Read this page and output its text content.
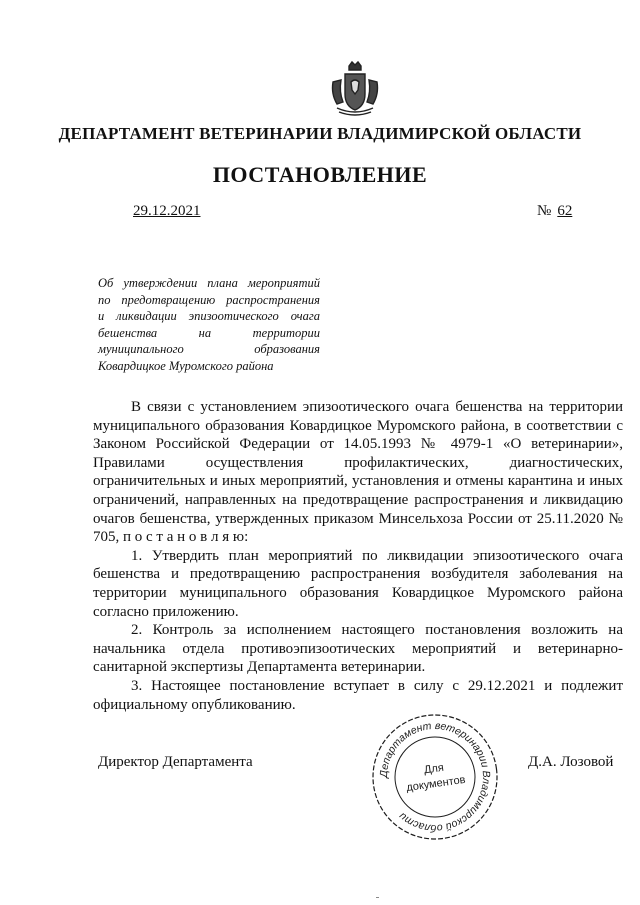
ДЕПАРТАМЕНТ ВЕТЕРИНАРИИ ВЛАДИМИРСКОЙ ОБЛАСТИ
ПОСТАНОВЛЕНИЕ
29.12.2021	№ 62
Об утверждении плана мероприятий
по предотвращению распространения
и ликвидации эпизоотического очага
бешенства на территории
муниципального образования
Ковардицкое Муромского района

В связи с установлением эпизоотического очага бешенства на территории муниципального образования Ковардицкое Муромского района, в соответствии с Законом Российской Федерации от 14.05.1993 № 4979-1 «О ветеринарии», Правилами осуществления профилактических, диагностических, ограничительных и иных мероприятий, установления и отмены карантина и иных ограничений, направленных на предотвращение распространения и ликвидацию очагов бешенства, утвержденных приказом Минсельхоза России от 25.11.2020 № 705, п о с т а н о в л я ю:

1. Утвердить план мероприятий по ликвидации эпизоотического очага бешенства и предотвращению распространения возбудителя заболевания на территории муниципального образования Ковардицкое Муромского района согласно приложению.

2. Контроль за исполнением настоящего постановления возложить на начальника отдела противоэпизоотических мероприятий и ветеринарно-санитарной экспертизы Департамента ветеринарии.

3. Настоящее постановление вступает в силу с 29.12.2021 и подлежит официальному опубликованию.

Директор Департамента	Д.А. Лозовой
Департамент ветеринарии Владимирской области
Для
документов
